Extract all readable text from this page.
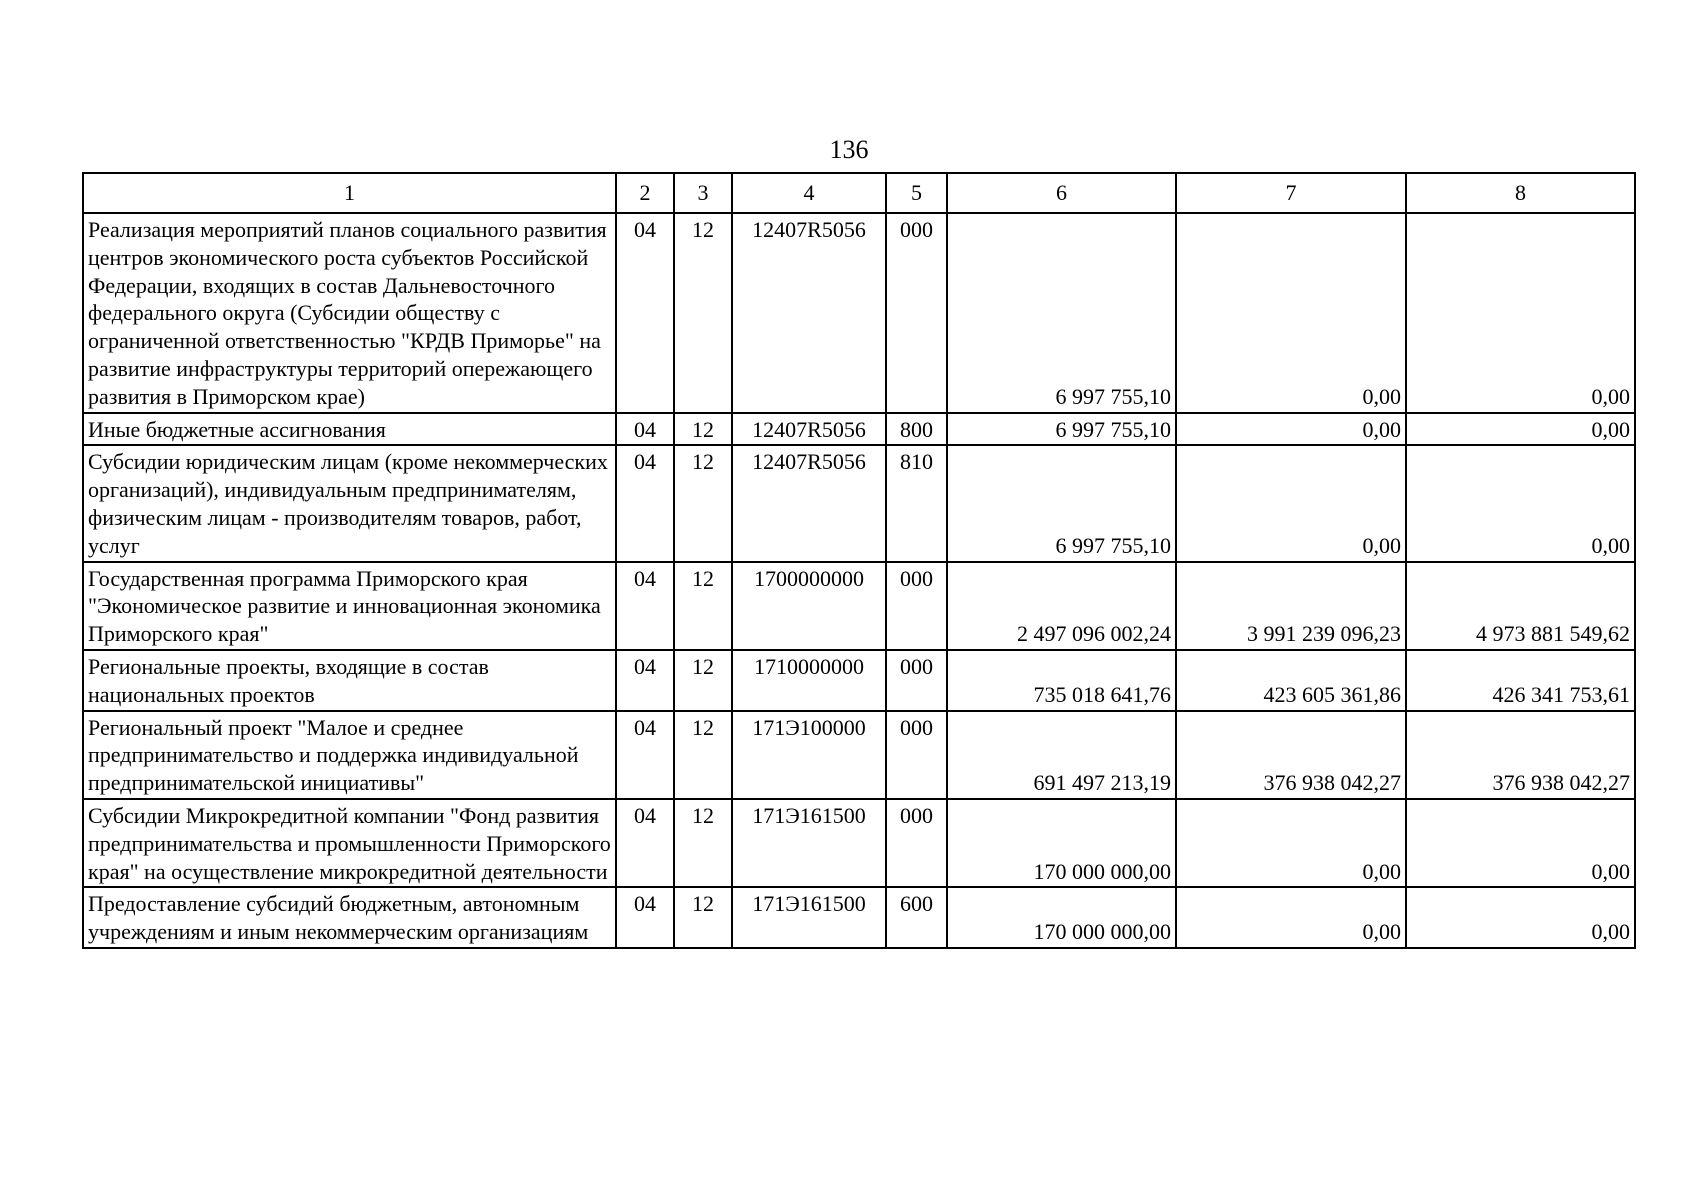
136
1	2	3	4	5	6	7	8
Реализация мероприятий планов социального развития центров экономического роста субъектов Российской Федерации, входящих в состав Дальневосточного федерального округа (Субсидии обществу с ограниченной ответственностью "КРДВ Приморье" на развитие инфраструктуры территорий опережающего развития в Приморском крае)	04	12	12407R5056	000	6 997 755,10	0,00	0,00
Иные бюджетные ассигнования	04	12	12407R5056	800	6 997 755,10	0,00	0,00
Субсидии юридическим лицам (кроме некоммерческих организаций), индивидуальным предпринимателям, физическим лицам - производителям товаров, работ, услуг	04	12	12407R5056	810	6 997 755,10	0,00	0,00
Государственная программа Приморского края "Экономическое развитие и инновационная экономика Приморского края"	04	12	1700000000	000	2 497 096 002,24	3 991 239 096,23	4 973 881 549,62
Региональные проекты, входящие в состав национальных проектов	04	12	1710000000	000	735 018 641,76	423 605 361,86	426 341 753,61
Региональный проект "Малое и среднее предпринимательство и поддержка индивидуальной предпринимательской инициативы"	04	12	171Э100000	000	691 497 213,19	376 938 042,27	376 938 042,27
Субсидии Микрокредитной компании "Фонд развития предпринимательства и промышленности Приморского края" на осуществление микрокредитной деятельности	04	12	171Э161500	000	170 000 000,00	0,00	0,00
Предоставление субсидий бюджетным, автономным учреждениям и иным некоммерческим организациям	04	12	171Э161500	600	170 000 000,00	0,00	0,00
